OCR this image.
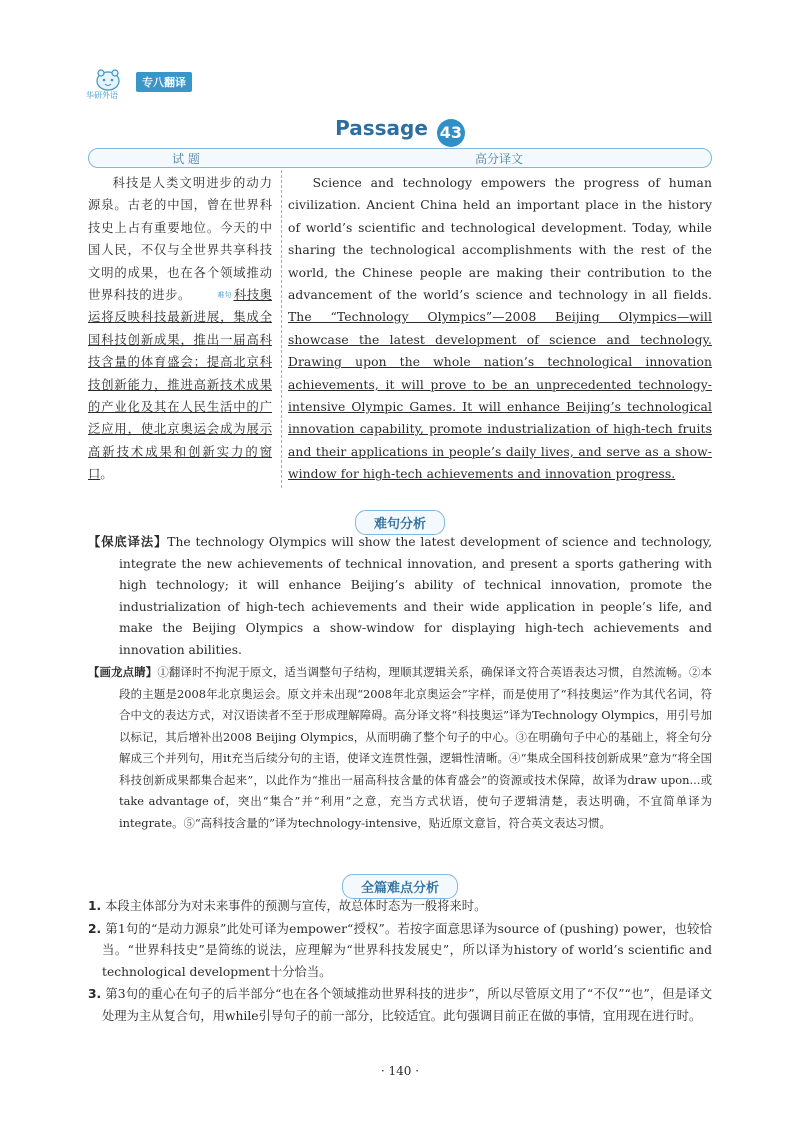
华研外语
专八翻译
Passage 43
试 题	高分译文

科技是人类文明进步的动力源泉。古老的中国，曾在世界科技史上占有重要地位。今天的中国人民，不仅与全世界共享科技文明的成果，也在各个领域推动世界科技的进步。	难句 科技奥运将反映科技最新进展，集成全国科技创新成果，推出一届高科技含量的体育盛会；提高北京科技创新能力，推进高新技术成果的产业化及其在人民生活中的广泛应用，使北京奥运会成为展示高新技术成果和创新实力的窗口。

Science and technology empowers the progress of human civilization. Ancient China held an important place in the history of world’s scientific and technological development. Today, while sharing the technological accomplishments with the rest of the world, the Chinese people are making their contribution to the advancement of the world’s science and technology in all fields. The “Technology Olympics”—2008 Beijing Olympics—will showcase the latest development of science and technology. Drawing upon the whole nation’s technological innovation achievements, it will prove to be an unprecedented technology-intensive Olympic Games. It will enhance Beijing’s technological innovation capability, promote industrialization of high-tech fruits and their applications in people’s daily lives, and serve as a show-window for high-tech achievements and innovation progress.

难句分析
【保底译法】The technology Olympics will show the latest development of science and technology, integrate the new achievements of technical innovation, and present a sports gathering with high technology; it will enhance Beijing’s ability of technical innovation, promote the industrialization of high-tech achievements and their wide application in people’s life, and make the Beijing Olympics a show-window for displaying high-tech achievements and innovation abilities.
【画龙点睛】①翻译时不拘泥于原文，适当调整句子结构，理顺其逻辑关系，确保译文符合英语表达习惯，自然流畅。②本段的主题是2008年北京奥运会。原文并未出现“2008年北京奥运会”字样，而是使用了“科技奥运”作为其代名词，符合中文的表达方式，对汉语读者不至于形成理解障碍。高分译文将“科技奥运”译为Technology Olympics，用引号加以标记，其后增补出2008 Beijing Olympics，从而明确了整个句子的中心。③在明确句子中心的基础上，将全句分解成三个并列句，用it充当后续分句的主语，使译文连贯性强，逻辑性清晰。④“集成全国科技创新成果”意为“将全国科技创新成果都集合起来”，以此作为“推出一届高科技含量的体育盛会”的资源或技术保障，故译为draw upon...或take advantage of，突出“集合”并“利用”之意，充当方式状语，使句子逻辑清楚，表达明确，不宜简单译为integrate。⑤“高科技含量的”译为technology-intensive，贴近原文意旨，符合英文表达习惯。
全篇难点分析
1. 本段主体部分为对未来事件的预测与宣传，故总体时态为一般将来时。
2. 第1句的“是动力源泉”此处可译为empower“授权”。若按字面意思译为source of (pushing) power，也较恰当。“世界科技史”是简练的说法，应理解为“世界科技发展史”，所以译为history of world’s scientific and technological development十分恰当。
3. 第3句的重心在句子的后半部分“也在各个领域推动世界科技的进步”，所以尽管原文用了“不仅”“也”，但是译文处理为主从复合句，用while引导句子的前一部分，比较适宜。此句强调目前正在做的事情，宜用现在进行时。
· 140 ·
